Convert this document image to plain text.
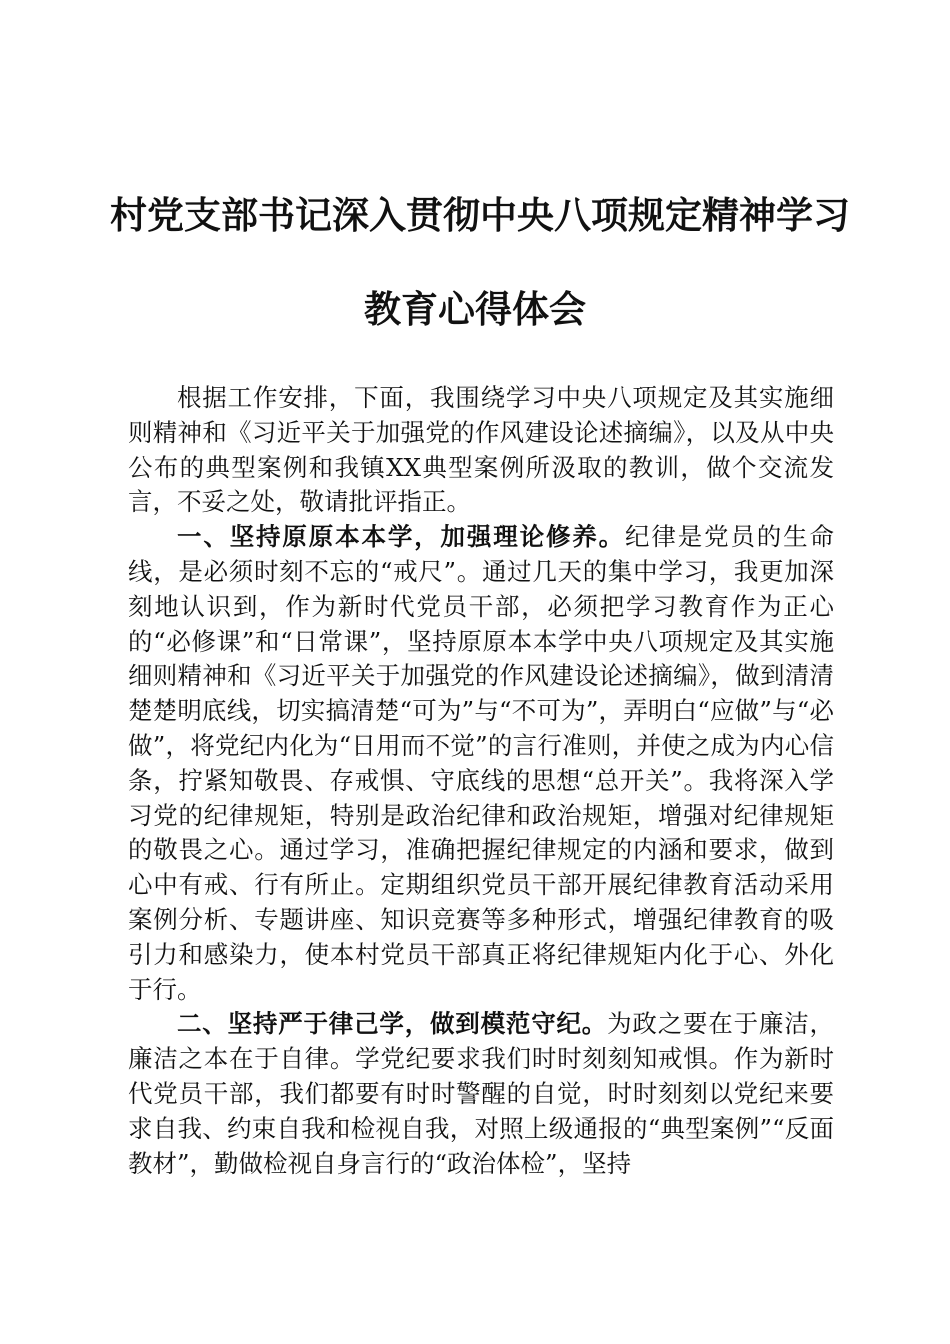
村党支部书记深入贯彻中央八项规定精神学习
教育心得体会

根据工作安排，下面，我围绕学习中央八项规定及其实施细则精神和《习近平关于加强党的作风建设论述摘编》，以及从中央公布的典型案例和我镇XX典型案例所汲取的教训，做个交流发言，不妥之处，敬请批评指正。

一、坚持原原本本学，加强理论修养。纪律是党员的生命线，是必须时刻不忘的“戒尺”。通过几天的集中学习，我更加深刻地认识到，作为新时代党员干部，必须把学习教育作为正心的“必修课”和“日常课”，坚持原原本本学中央八项规定及其实施细则精神和《习近平关于加强党的作风建设论述摘编》，做到清清楚楚明底线，切实搞清楚“可为”与“不可为”，弄明白“应做”与“必做”，将党纪内化为“日用而不觉”的言行准则，并使之成为内心信条，拧紧知敬畏、存戒惧、守底线的思想“总开关”。我将深入学习党的纪律规矩，特别是政治纪律和政治规矩，增强对纪律规矩的敬畏之心。通过学习，准确把握纪律规定的内涵和要求，做到心中有戒、行有所止。定期组织党员干部开展纪律教育活动采用案例分析、专题讲座、知识竞赛等多种形式，增强纪律教育的吸引力和感染力，使本村党员干部真正将纪律规矩内化于心、外化于行。

二、坚持严于律己学，做到模范守纪。为政之要在于廉洁，廉洁之本在于自律。学党纪要求我们时时刻刻知戒惧。作为新时代党员干部，我们都要有时时警醒的自觉，时时刻刻以党纪来要求自我、约束自我和检视自我，对照上级通报的“典型案例”“反面教材”，勤做检视自身言行的“政治体检”，坚持
